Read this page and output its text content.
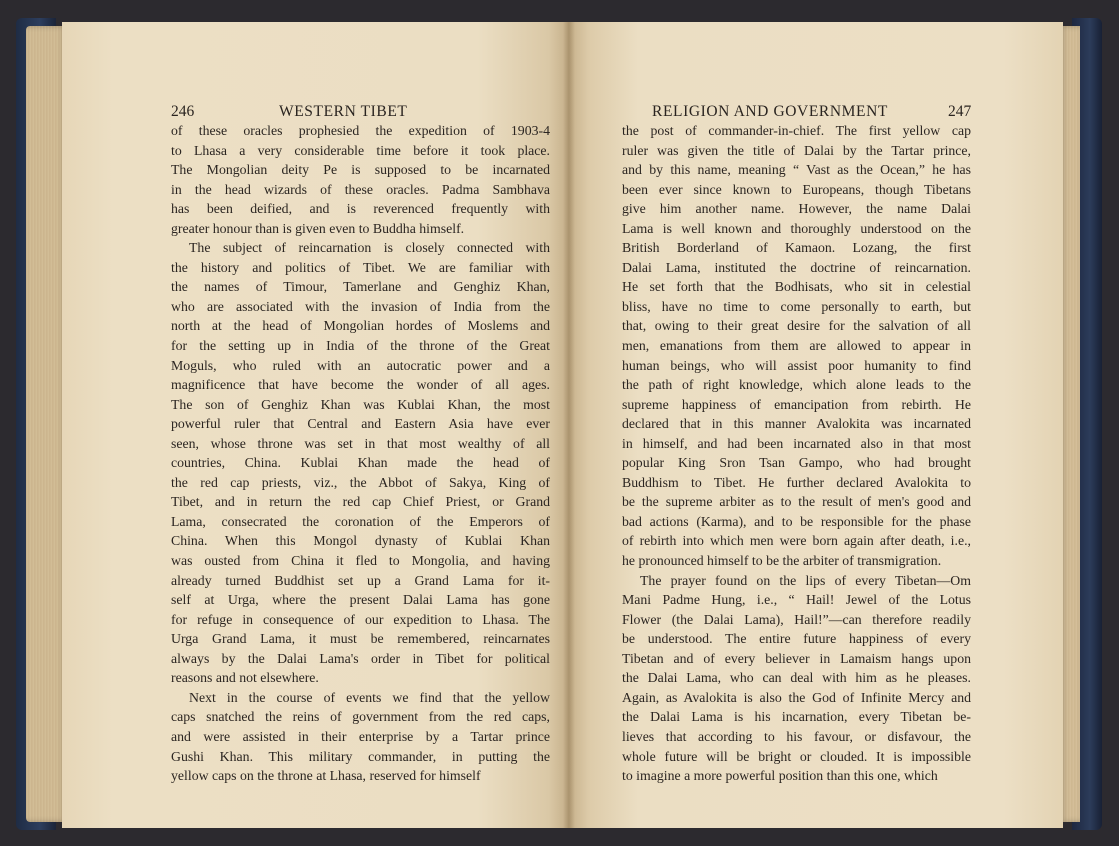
246	WESTERN TIBET	RELIGION AND GOVERNMENT	247
of these oracles prophesied the expedition of 1903-4
to Lhasa a very considerable time before it took place.
The Mongolian deity Pe is supposed to be incarnated
in the head wizards of these oracles. Padma Sambhava
has been deified, and is reverenced frequently with
greater honour than is given even to Buddha himself.
The subject of reincarnation is closely connected with
the history and politics of Tibet. We are familiar with
the names of Timour, Tamerlane and Genghiz Khan,
who are associated with the invasion of India from the
north at the head of Mongolian hordes of Moslems and
for the setting up in India of the throne of the Great
Moguls, who ruled with an autocratic power and a
magnificence that have become the wonder of all ages.
The son of Genghiz Khan was Kublai Khan, the most
powerful ruler that Central and Eastern Asia have ever
seen, whose throne was set in that most wealthy of all
countries, China. Kublai Khan made the head of
the red cap priests, viz., the Abbot of Sakya, King of
Tibet, and in return the red cap Chief Priest, or Grand
Lama, consecrated the coronation of the Emperors of
China. When this Mongol dynasty of Kublai Khan
was ousted from China it fled to Mongolia, and having
already turned Buddhist set up a Grand Lama for it-
self at Urga, where the present Dalai Lama has gone
for refuge in consequence of our expedition to Lhasa. The
Urga Grand Lama, it must be remembered, reincarnates
always by the Dalai Lama's order in Tibet for political
reasons and not elsewhere.
Next in the course of events we find that the yellow
caps snatched the reins of government from the red caps,
and were assisted in their enterprise by a Tartar prince
Gushi Khan. This military commander, in putting the
yellow caps on the throne at Lhasa, reserved for himself
the post of commander-in-chief. The first yellow cap
ruler was given the title of Dalai by the Tartar prince,
and by this name, meaning “ Vast as the Ocean,” he has
been ever since known to Europeans, though Tibetans
give him another name. However, the name Dalai
Lama is well known and thoroughly understood on the
British Borderland of Kamaon. Lozang, the first
Dalai Lama, instituted the doctrine of reincarnation.
He set forth that the Bodhisats, who sit in celestial
bliss, have no time to come personally to earth, but
that, owing to their great desire for the salvation of all
men, emanations from them are allowed to appear in
human beings, who will assist poor humanity to find
the path of right knowledge, which alone leads to the
supreme happiness of emancipation from rebirth. He
declared that in this manner Avalokita was incarnated
in himself, and had been incarnated also in that most
popular King Sron Tsan Gampo, who had brought
Buddhism to Tibet. He further declared Avalokita to
be the supreme arbiter as to the result of men's good and
bad actions (Karma), and to be responsible for the phase
of rebirth into which men were born again after death, i.e.,
he pronounced himself to be the arbiter of transmigration.
The prayer found on the lips of every Tibetan—Om
Mani Padme Hung, i.e., “ Hail! Jewel of the Lotus
Flower (the Dalai Lama), Hail!”—can therefore readily
be understood. The entire future happiness of every
Tibetan and of every believer in Lamaism hangs upon
the Dalai Lama, who can deal with him as he pleases.
Again, as Avalokita is also the God of Infinite Mercy and
the Dalai Lama is his incarnation, every Tibetan be-
lieves that according to his favour, or disfavour, the
whole future will be bright or clouded. It is impossible
to imagine a more powerful position than this one, which
